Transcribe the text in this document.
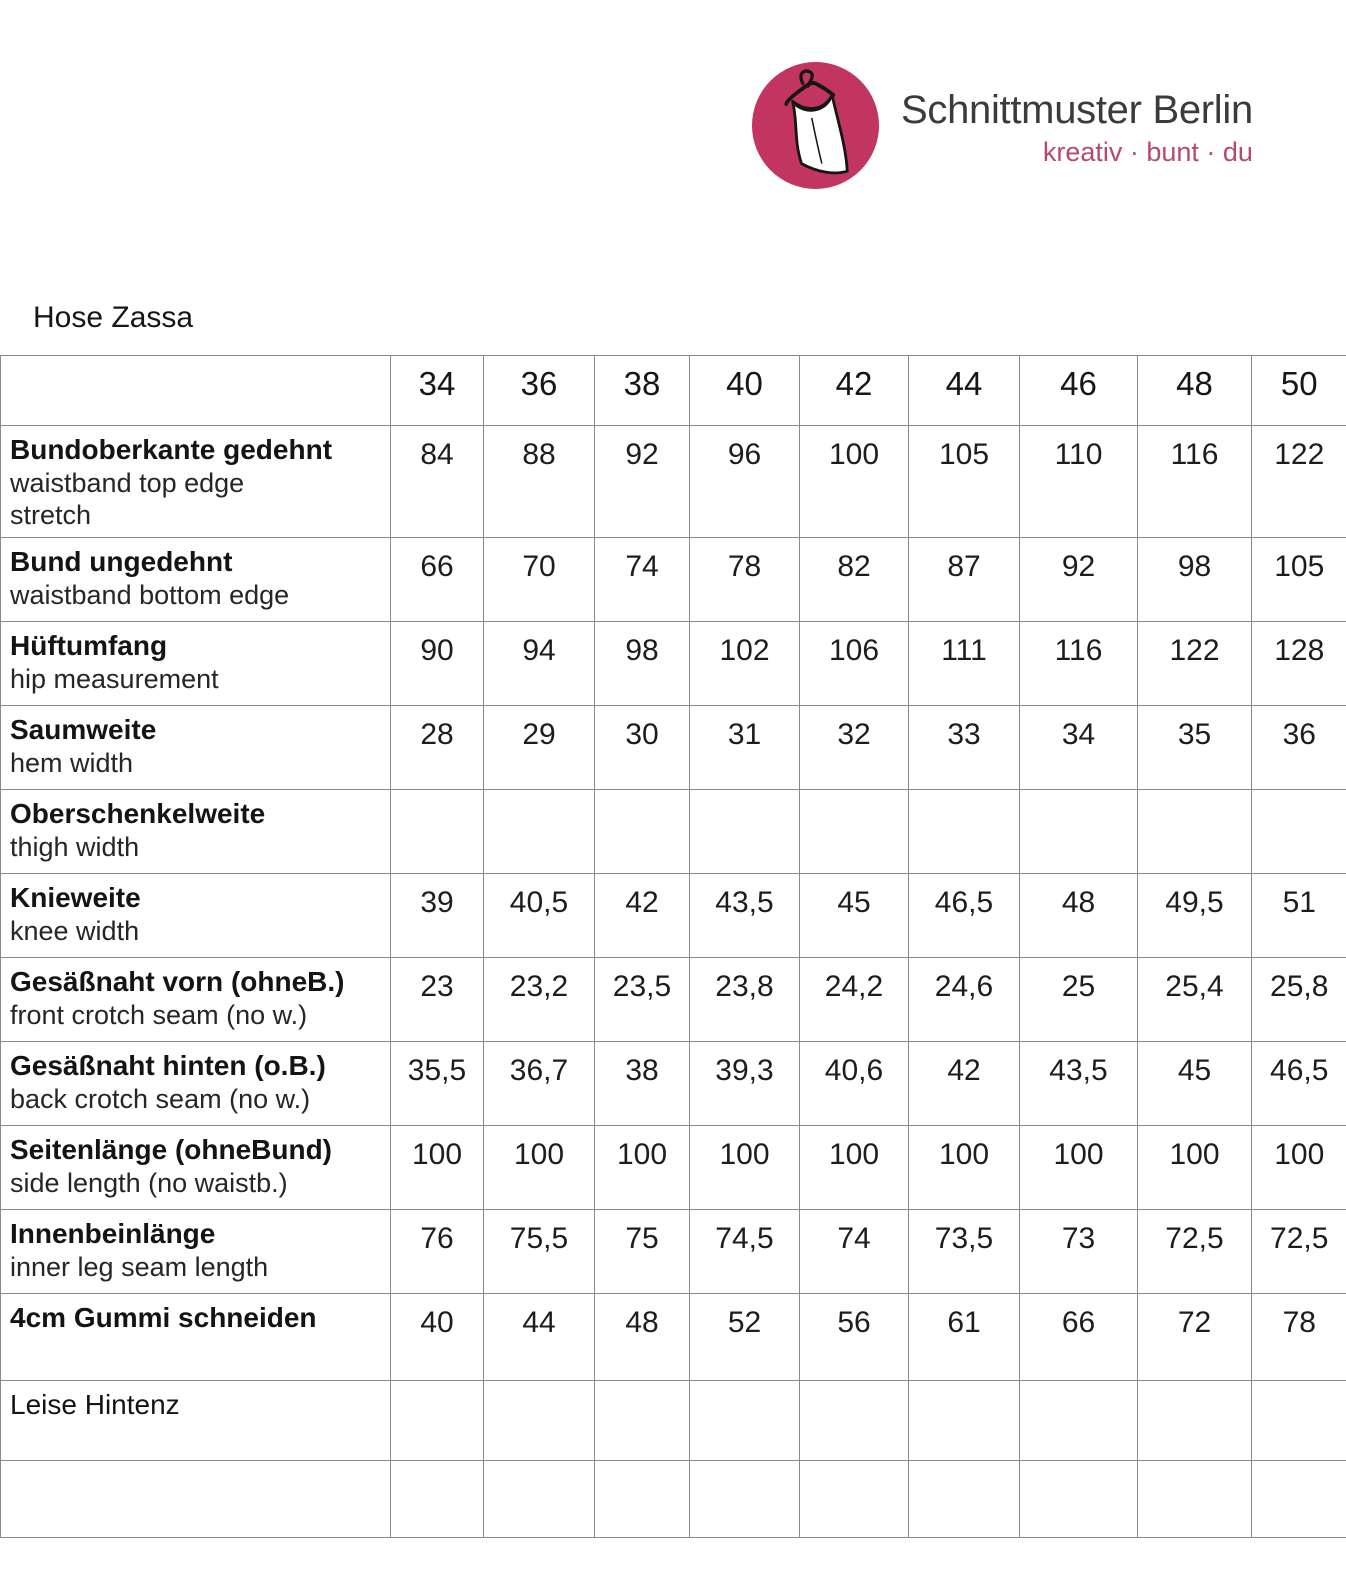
Schnittmuster Berlin
kreativ · bunt · du
Hose Zassa
	34	36	38	40	42	44	46	48	50

Bundoberkante gedehnt
waistband top edge stretch	84	88	92	96	100	105	110	116	122

Bund ungedehnt
waistband bottom edge	66	70	74	78	82	87	92	98	105

Hüftumfang
hip measurement	90	94	98	102	106	111	116	122	128

Saumweite
hem width	28	29	30	31	32	33	34	35	36

Oberschenkelweite
thigh width									

Knieweite
knee width	39	40,5	42	43,5	45	46,5	48	49,5	51

Gesäßnaht vorn (ohneB.)
front crotch seam (no w.)	23	23,2	23,5	23,8	24,2	24,6	25	25,4	25,8

Gesäßnaht hinten (o.B.)
back crotch seam (no w.)	35,5	36,7	38	39,3	40,6	42	43,5	45	46,5

Seitenlänge (ohneBund)
side length (no waistb.)	100	100	100	100	100	100	100	100	100

Innenbeinlänge
inner leg seam length	76	75,5	75	74,5	74	73,5	73	72,5	72,5

4cm Gummi schneiden	40	44	48	52	56	61	66	72	78

Leise Hintenz									
